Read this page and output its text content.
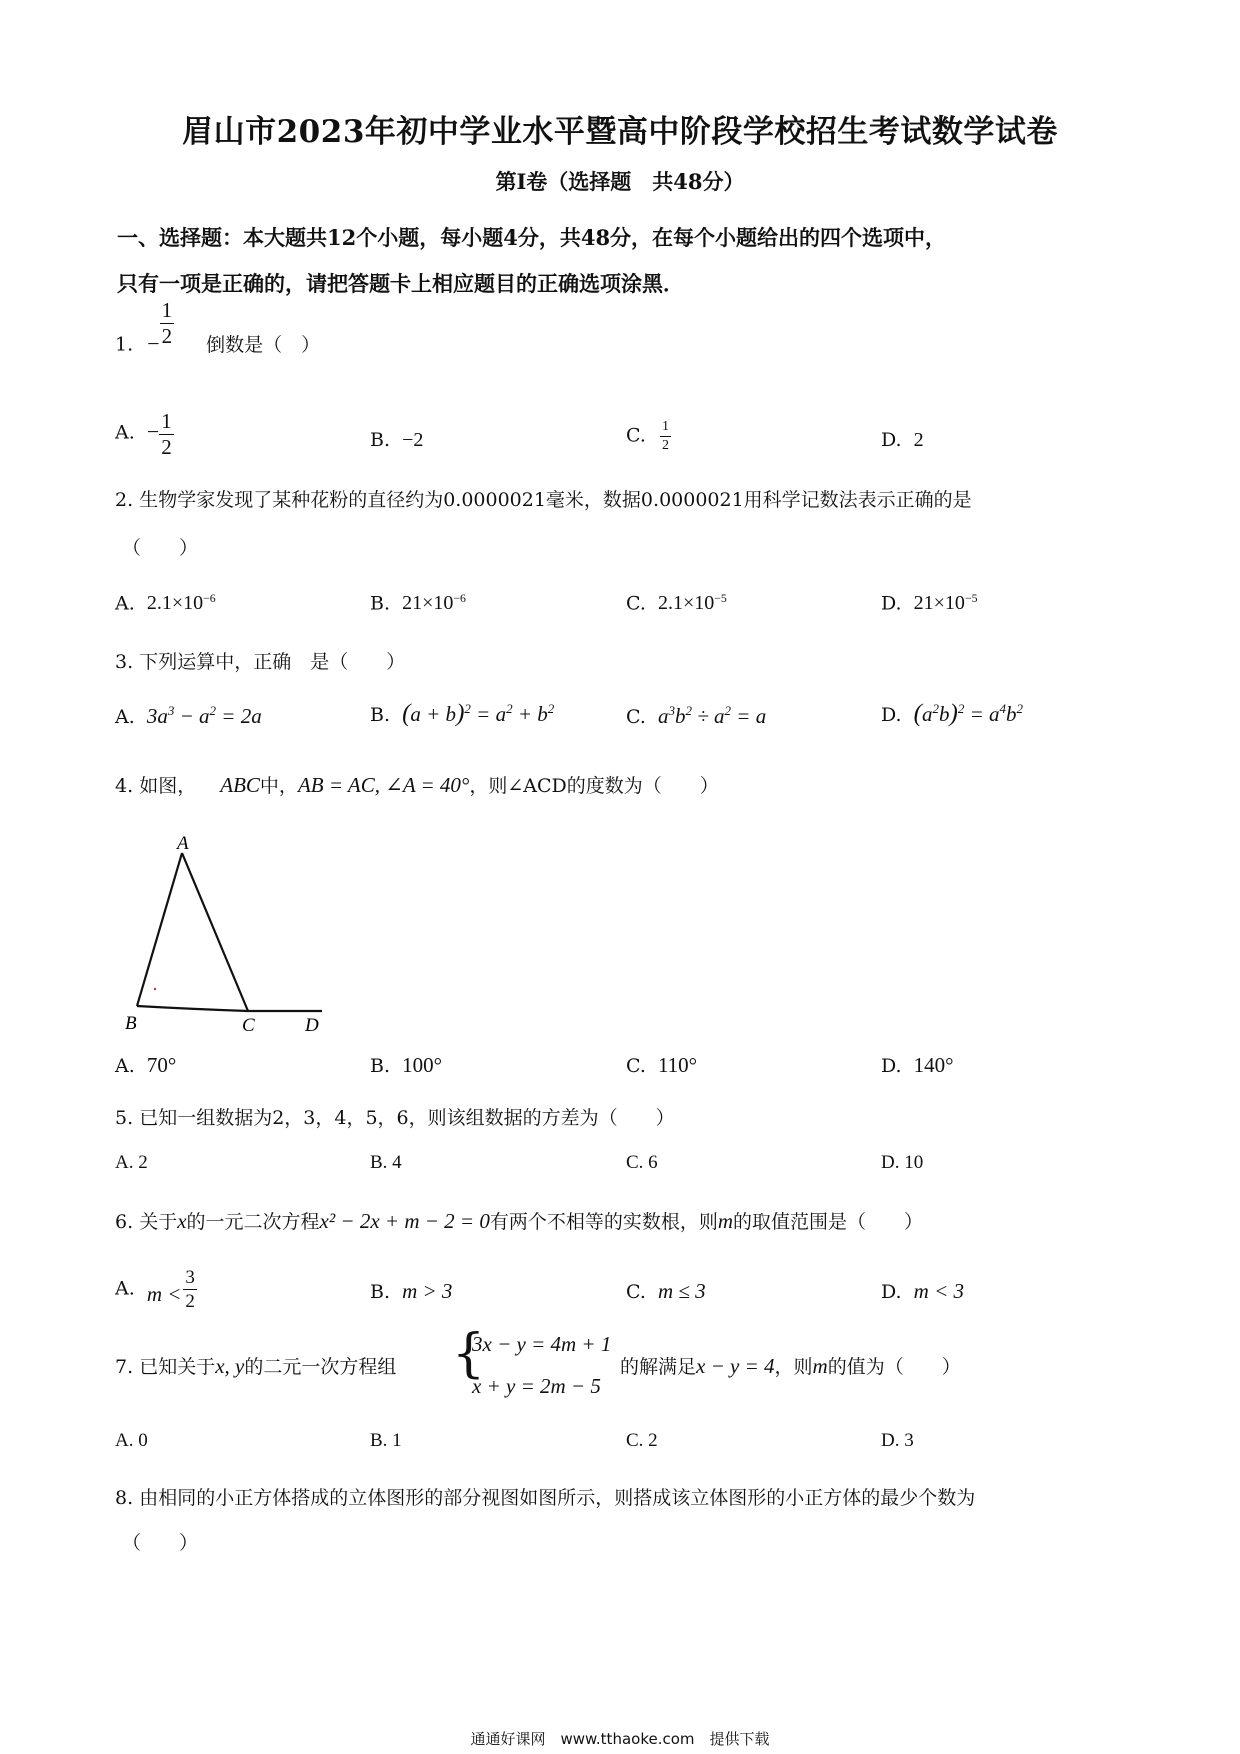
眉山市2023年初中学业水平暨高中阶段学校招生考试数学试卷
第Ⅰ卷（选择题　共48分）
一、选择题：本大题共12个小题，每小题4分，共48分，在每个小题给出的四个选项中，
只有一项是正确的，请把答题卡上相应题目的正确选项涂黑．
1. − $\frac{1}{2}$ 倒数是（　）
A. − $\frac{1}{2}$	B. −2	C. $\frac{1}{2}$	D. 2
2. 生物学家发现了某种花粉的直径约为0.0000021毫米，数据0.0000021用科学记数法表示正确的是
（　　）
A. $2.1\times 10^{-6}$	B. $21\times 10^{-6}$	C. $2.1\times 10^{-5}$	D. $21\times 10^{-5}$
3. 下列运算中，正确　是（　　）
A. $3a^3 - a^2 = 2a$	B. $(a + b)^2 = a^2 + b^2$	C. $a^3b^2 \div a^2 = a$	D. $(a^2b)^2 = a^4b^2$
4. 如图， ABC中，AB = AC, ∠A = 40°，则∠ACD的度数为（　　）
A
B	C	D
A. 70°	B. 100°	C. 110°	D. 140°
5. 已知一组数据为2，3，4，5，6，则该组数据的方差为（　　）
A. 2	B. 4	C. 6	D. 10
6. 关于x的一元二次方程x² − 2x + m − 2 = 0有两个不相等的实数根，则m的取值范围是（　　）
A. $m < \frac{3}{2}$	B. m > 3	C. m ≤ 3	D. m < 3
7. 已知关于x, y的二元一次方程组 {
3x − y = 4m + 1
x + y = 2m − 5
的解满足x − y = 4，则m的值为（　　）
A. 0	B. 1	C. 2	D. 3
8. 由相同的小正方体搭成的立体图形的部分视图如图所示，则搭成该立体图形的小正方体的最少个数为
（　　）
通通好课网　www.tthaoke.com　提供下载
